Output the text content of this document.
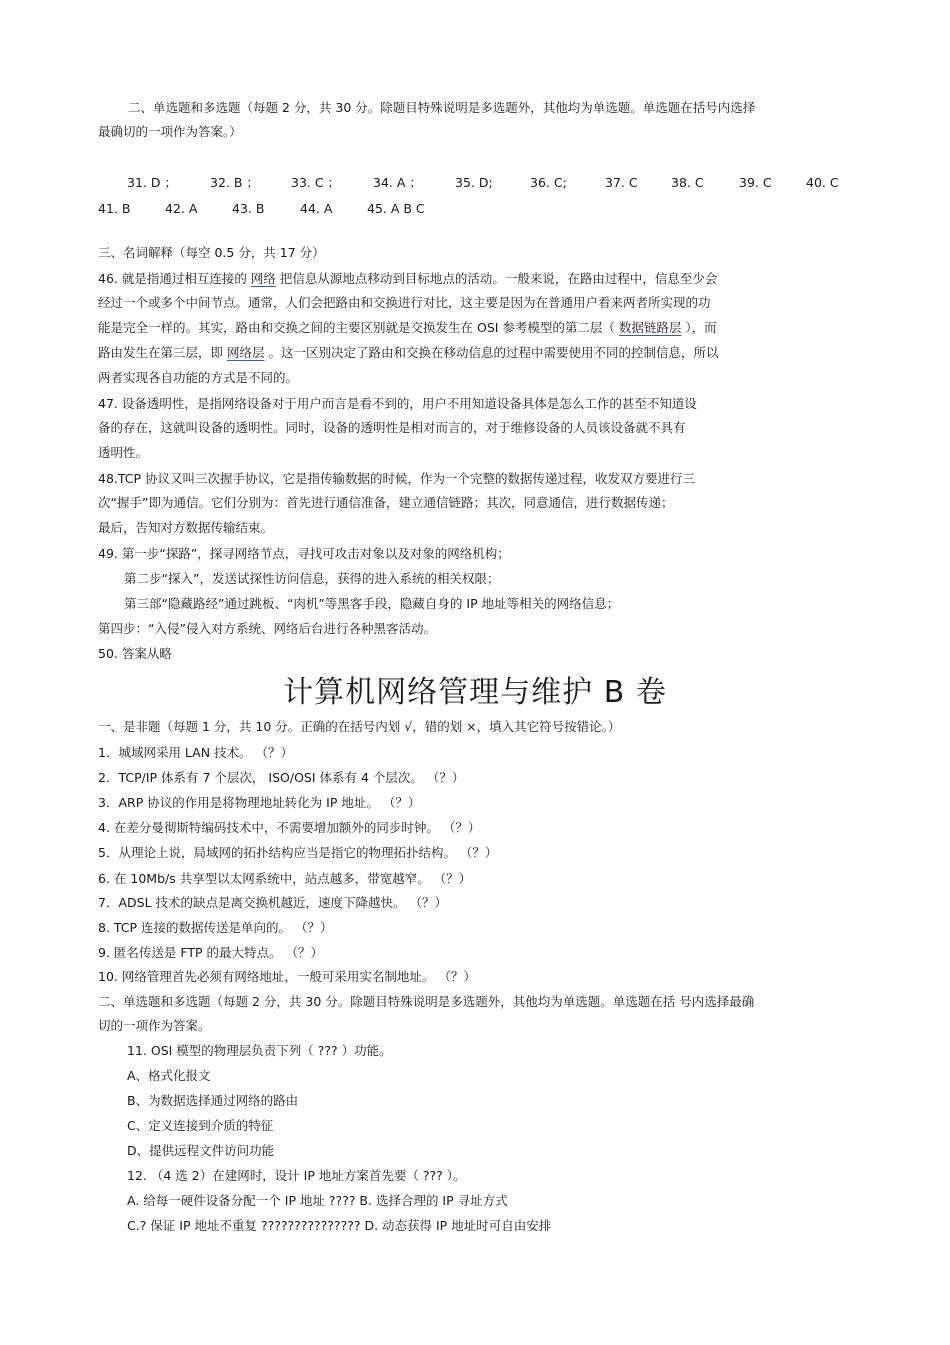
二、单选题和多选题（每题 2 分，共 30 分。除题目特殊说明是多选题外，其他均为单选题。单选题在括号内选择
最确切的一项作为答案。）
31. D ；	32. B ；	33. C ；	34. A ；	35. D;	36. C;	37. C	38. C	39. C	40. C
41. B	42. A	43. B	44. A	45. A B C
三、名词解释（每空 0.5 分，共 17 分）
46. 就是指通过相互连接的 网络 把信息从源地点移动到目标地点的活动。一般来说，在路由过程中，信息至少会
经过一个或多个中间节点。通常，人们会把路由和交换进行对比，这主要是因为在普通用户看来两者所实现的功
能是完全一样的。其实，路由和交换之间的主要区别就是交换发生在 OSI 参考模型的第二层（ 数据链路层 ），而
路由发生在第三层，即 网络层 。这一区别决定了路由和交换在移动信息的过程中需要使用不同的控制信息，所以
两者实现各自功能的方式是不同的。
47. 设备透明性，是指网络设备对于用户而言是看不到的，用户不用知道设备具体是怎么工作的甚至不知道设
备的存在，这就叫设备的透明性。同时，设备的透明性是相对而言的，对于维修设备的人员该设备就不具有
透明性。
48.TCP 协议又叫三次握手协议，它是指传输数据的时候，作为一个完整的数据传递过程，收发双方要进行三
次“握手”即为通信。它们分别为：首先进行通信准备，建立通信链路；其次，同意通信，进行数据传递；
最后，告知对方数据传输结束。
49. 第一步“探路”，探寻网络节点，寻找可攻击对象以及对象的网络机构；
第二步“探入”，发送试探性访问信息，获得的进入系统的相关权限；
第三部“隐藏路经”通过跳板、“肉机”等黑客手段，隐藏自身的 IP 地址等相关的网络信息；
第四步：“入侵”侵入对方系统、网络后台进行各种黑客活动。
50. 答案从略
计算机网络管理与维护 B 卷
一、是非题（每题 1 分，共 10 分。正确的在括号内划 √，错的划 ×，填入其它符号按错论。）
1．城域网采用 LAN 技术。 （？）
2．TCP/IP 体系有 7 个层次， ISO/OSI 体系有 4 个层次。 （？）
3．ARP 协议的作用是将物理地址转化为 IP 地址。 （？）
4. 在差分曼彻斯特编码技术中，不需要增加额外的同步时钟。 （？）
5．从理论上说，局域网的拓扑结构应当是指它的物理拓扑结构。 （？）
6. 在 10Mb/s 共享型以太网系统中，站点越多，带宽越窄。 （？）
7．ADSL 技术的缺点是离交换机越近，速度下降越快。 （？）
8. TCP 连接的数据传送是单向的。 （？）
9. 匿名传送是 FTP 的最大特点。 （？）
10. 网络管理首先必须有网络地址，一般可采用实名制地址。 （？）
二、单选题和多选题（每题 2 分，共 30 分。除题目特殊说明是多选题外，其他均为单选题。单选题在括 号内选择最确
切的一项作为答案。
11. OSI 模型的物理层负责下列（ ??? ）功能。
A、格式化报文
B、为数据选择通过网络的路由
C、定义连接到介质的特征
D、提供远程文件访问功能
12. （4 选 2）在建网时，设计 IP 地址方案首先要（ ??? ）。
A. 给每一硬件设备分配一个 IP 地址 ???? B. 选择合理的 IP 寻址方式
C.? 保证 IP 地址不重复 ??????????????? D. 动态获得 IP 地址时可自由安排
